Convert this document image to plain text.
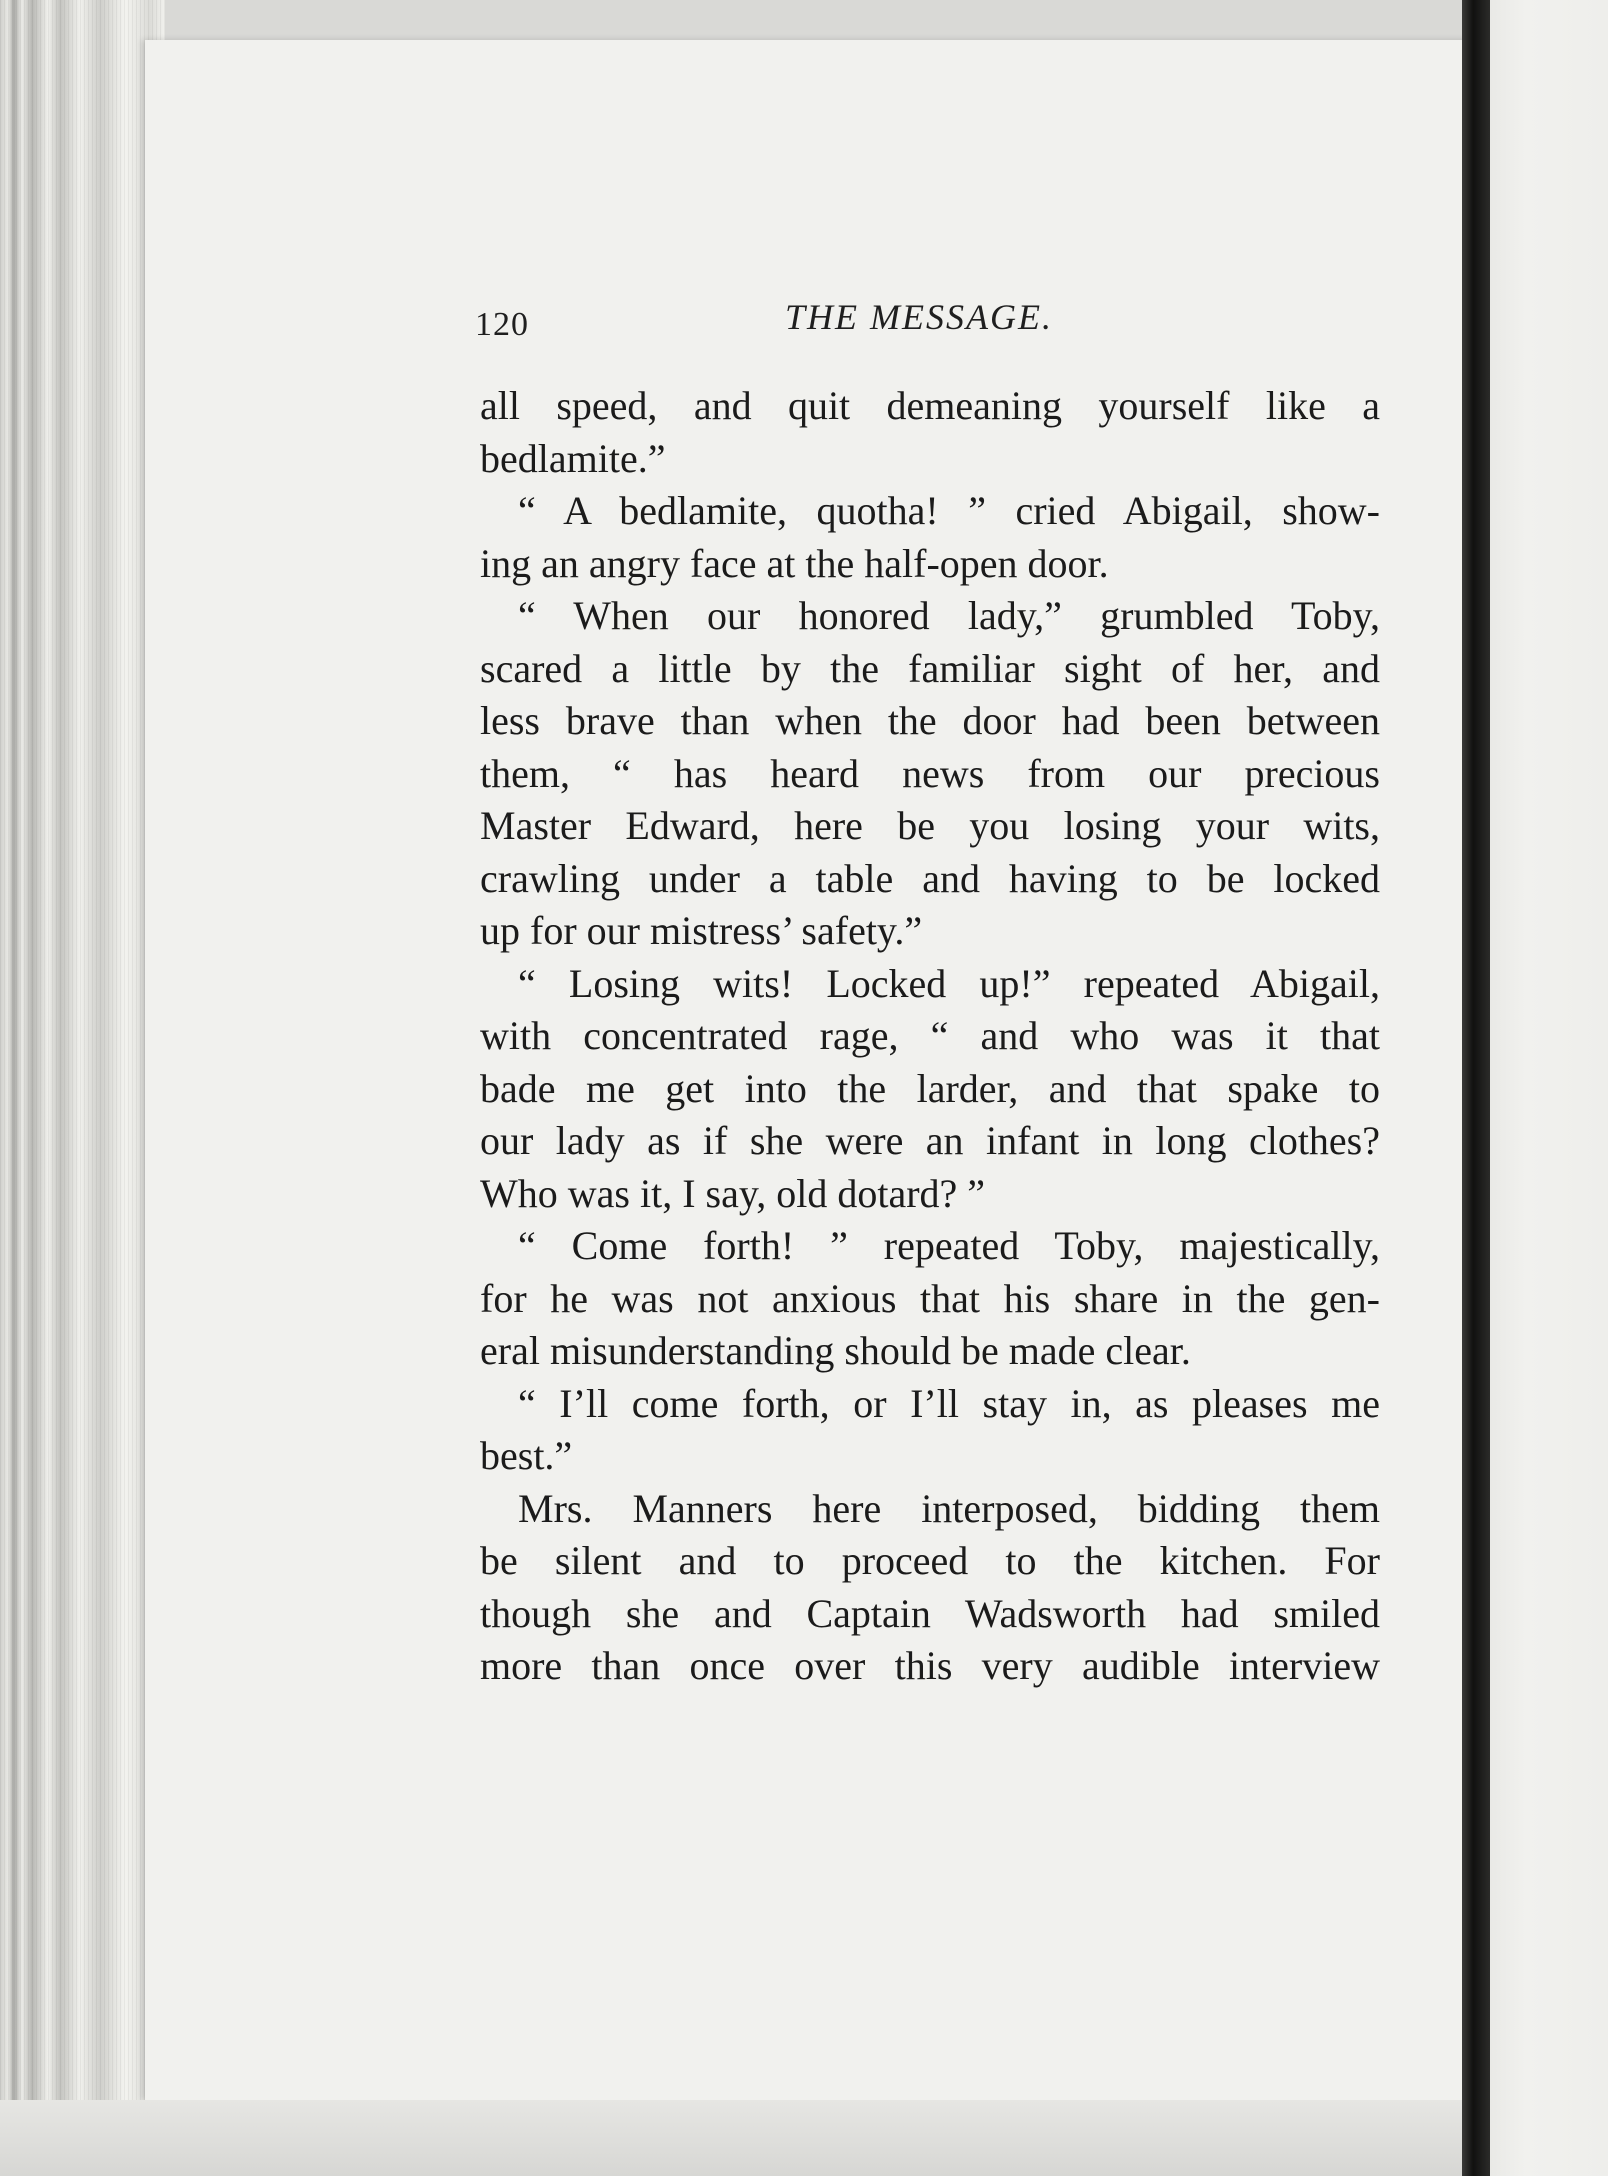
120	THE MESSAGE.
all speed, and quit demeaning yourself like a
bedlamite.”
“ A bedlamite, quotha! ” cried Abigail, show-
ing an angry face at the half-open door.
“ When our honored lady,” grumbled Toby,
scared a little by the familiar sight of her, and
less brave than when the door had been between
them, “ has heard news from our precious
Master Edward, here be you losing your wits,
crawling under a table and having to be locked
up for our mistress’ safety.”
“ Losing wits! Locked up!” repeated Abigail,
with concentrated rage, “ and who was it that
bade me get into the larder, and that spake to
our lady as if she were an infant in long clothes?
Who was it, I say, old dotard? ”
“ Come forth! ” repeated Toby, majestically,
for he was not anxious that his share in the gen-
eral misunderstanding should be made clear.
“ I’ll come forth, or I’ll stay in, as pleases me
best.”
Mrs. Manners here interposed, bidding them
be silent and to proceed to the kitchen. For
though she and Captain Wadsworth had smiled
more than once over this very audible interview
